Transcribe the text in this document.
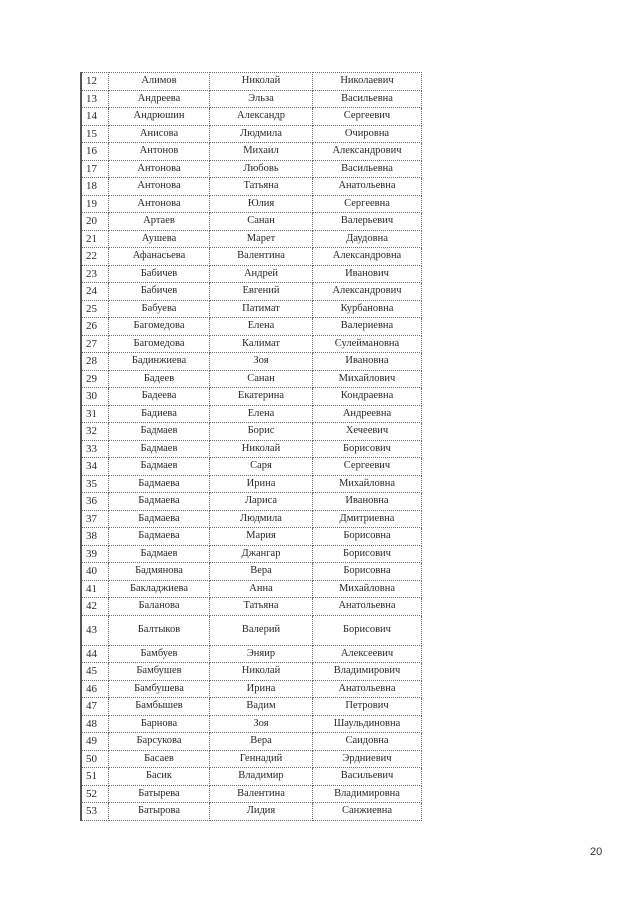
12	Алимов	Николай	Николаевич
13	Андреева	Эльза	Васильевна
14	Андрюшин	Александр	Сергеевич
15	Анисова	Людмила	Очировна
16	Антонов	Михаил	Александрович
17	Антонова	Любовь	Васильевна
18	Антонова	Татьяна	Анатольевна
19	Антонова	Юлия	Сергеевна
20	Артаев	Санан	Валерьевич
21	Аушева	Марет	Даудовна
22	Афанасьева	Валентина	Александровна
23	Бабичев	Андрей	Иванович
24	Бабичев	Евгений	Александрович
25	Бабуева	Патимат	Курбановна
26	Багомедова	Елена	Валериевна
27	Багомедова	Калимат	Сулеймановна
28	Бадинжиева	Зоя	Ивановна
29	Бадеев	Санан	Михайлович
30	Бадеева	Екатерина	Кондраевна
31	Бадиева	Елена	Андреевна
32	Бадмаев	Борис	Хечеевич
33	Бадмаев	Николай	Борисович
34	Бадмаев	Саря	Сергеевич
35	Бадмаева	Ирина	Михайловна
36	Бадмаева	Лариса	Ивановна
37	Бадмаева	Людмила	Дмитриевна
38	Бадмаева	Мария	Борисовна
39	Бадмаев	Джангар	Борисович
40	Бадмянова	Вера	Борисовна
41	Бакладжиева	Анна	Михайловна
42	Баланова	Татьяна	Анатольевна
43	Балтыков	Валерий	Борисович
44	Бамбуев	Эняир	Алексеевич
45	Бамбушев	Николай	Владимирович
46	Бамбушева	Ирина	Анатольевна
47	Бамбышев	Вадим	Петрович
48	Барнова	Зоя	Шаульдиновна
49	Барсукова	Вера	Саидовна
50	Басаев	Геннадий	Эрдниевич
51	Басик	Владимир	Васильевич
52	Батырева	Валентина	Владимировна
53	Батырова	Лидия	Санжиевна
20
